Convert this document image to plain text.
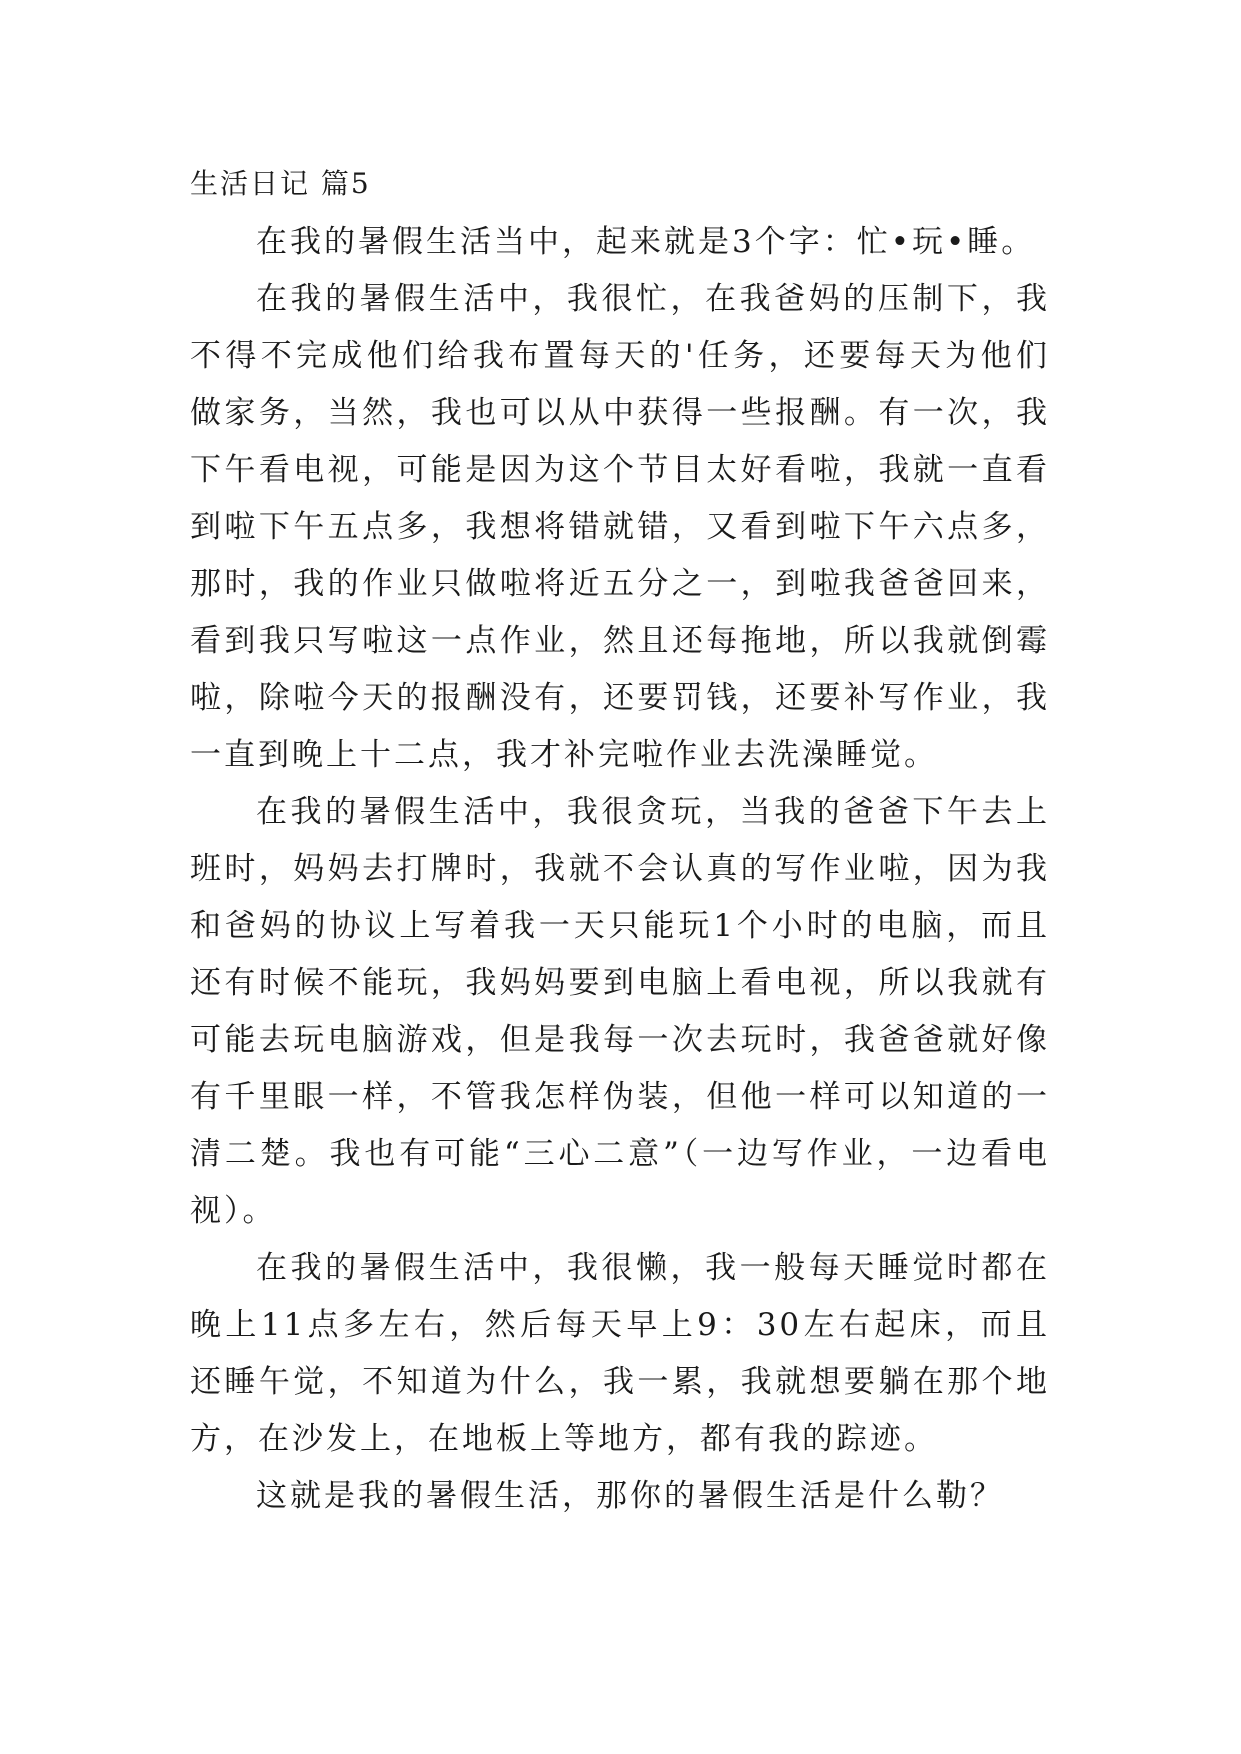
生活日记 篇5

在我的暑假生活当中，起来就是3个字：忙•玩•睡。

在我的暑假生活中，我很忙，在我爸妈的压制下，我不得不完成他们给我布置每天的'任务，还要每天为他们做家务，当然，我也可以从中获得一些报酬。有一次，我下午看电视，可能是因为这个节目太好看啦，我就一直看到啦下午五点多，我想将错就错，又看到啦下午六点多，那时，我的作业只做啦将近五分之一，到啦我爸爸回来，看到我只写啦这一点作业，然且还每拖地，所以我就倒霉啦，除啦今天的报酬没有，还要罚钱，还要补写作业，我一直到晚上十二点，我才补完啦作业去洗澡睡觉。

在我的暑假生活中，我很贪玩，当我的爸爸下午去上班时，妈妈去打牌时，我就不会认真的写作业啦，因为我和爸妈的协议上写着我一天只能玩1个小时的电脑，而且还有时候不能玩，我妈妈要到电脑上看电视，所以我就有可能去玩电脑游戏，但是我每一次去玩时，我爸爸就好像有千里眼一样，不管我怎样伪装，但他一样可以知道的一清二楚。我也有可能“三心二意”（一边写作业，一边看电视）。

在我的暑假生活中，我很懒，我一般每天睡觉时都在晚上11点多左右，然后每天早上9：30左右起床，而且还睡午觉，不知道为什么，我一累，我就想要躺在那个地方，在沙发上，在地板上等地方，都有我的踪迹。

这就是我的暑假生活，那你的暑假生活是什么勒？
